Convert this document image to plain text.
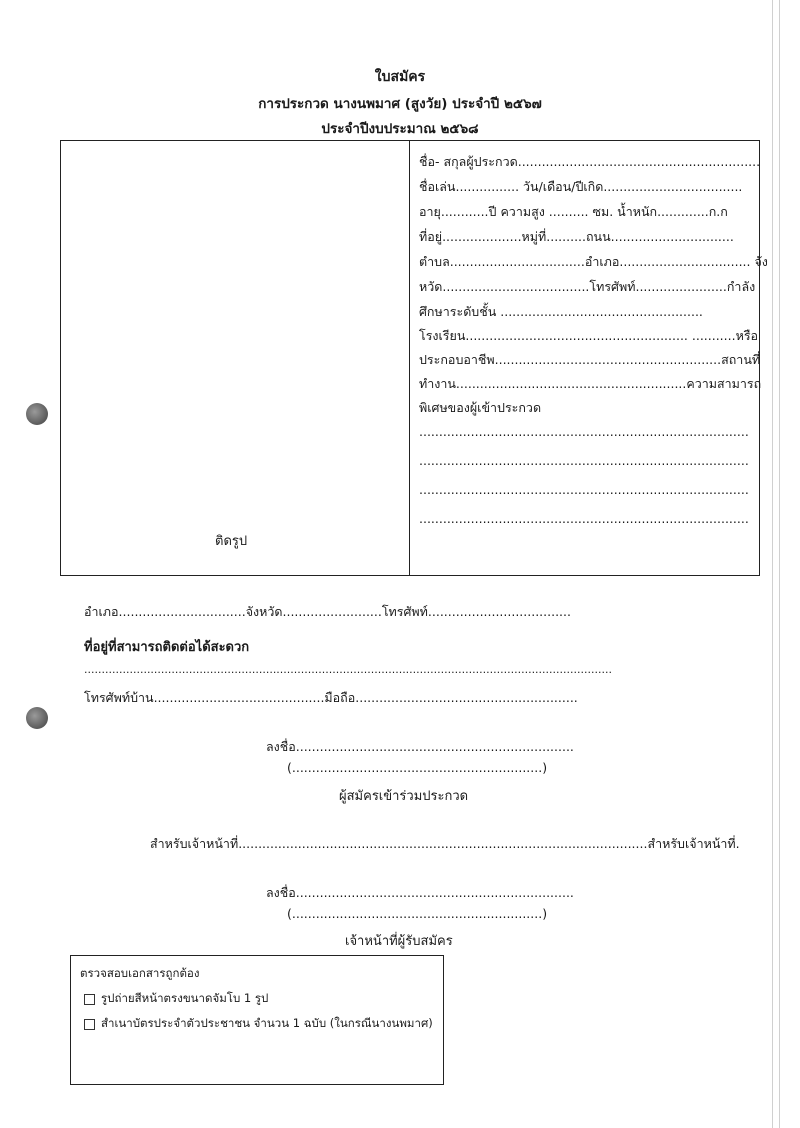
ใบสมัคร
การประกวด นางนพมาศ (สูงวัย) ประจำปี ๒๕๖๗
ประจำปีงบประมาณ ๒๕๖๘
ติดรูป
ชื่อ- สกุลผู้ประกวด.............................................................
ชื่อเล่น................ วัน/เดือน/ปีเกิด...................................
อายุ............ปี ความสูง .......... ซม. น้ำหนัก.............ก.ก
ที่อยู่....................หมู่ที่..........ถนน...............................
ตำบล..................................อำเภอ................................. จัง
หวัด.....................................โทรศัพท์.......................กำลัง
ศึกษาระดับชั้น ...................................................
โรงเรียน........................................................ ...........หรือ
ประกอบอาชีพ.........................................................สถานที่
ทำงาน..........................................................ความสามารถ
พิเศษของผู้เข้าประกวด
...................................................................................
...................................................................................
...................................................................................
...................................................................................
อำเภอ................................จังหวัด.........................โทรศัพท์....................................
ที่อยู่ที่สามารถติดต่อได้สะดวก
.......................................................................................................................................................
โทรศัพท์บ้าน...........................................มือถือ........................................................
ลงชื่อ......................................................................
(...............................................................)
ผู้สมัครเข้าร่วมประกวด
สำหรับเจ้าหน้าที่.......................................................................................................สำหรับเจ้าหน้าที่.
ลงชื่อ......................................................................
(...............................................................)
เจ้าหน้าที่ผู้รับสมัคร
ตรวจสอบเอกสารถูกต้อง
รูปถ่ายสีหน้าตรงขนาดจัมโบ 1 รูป
สำเนาบัตรประจำตัวประชาชน จำนวน 1 ฉบับ (ในกรณีนางนพมาศ)
